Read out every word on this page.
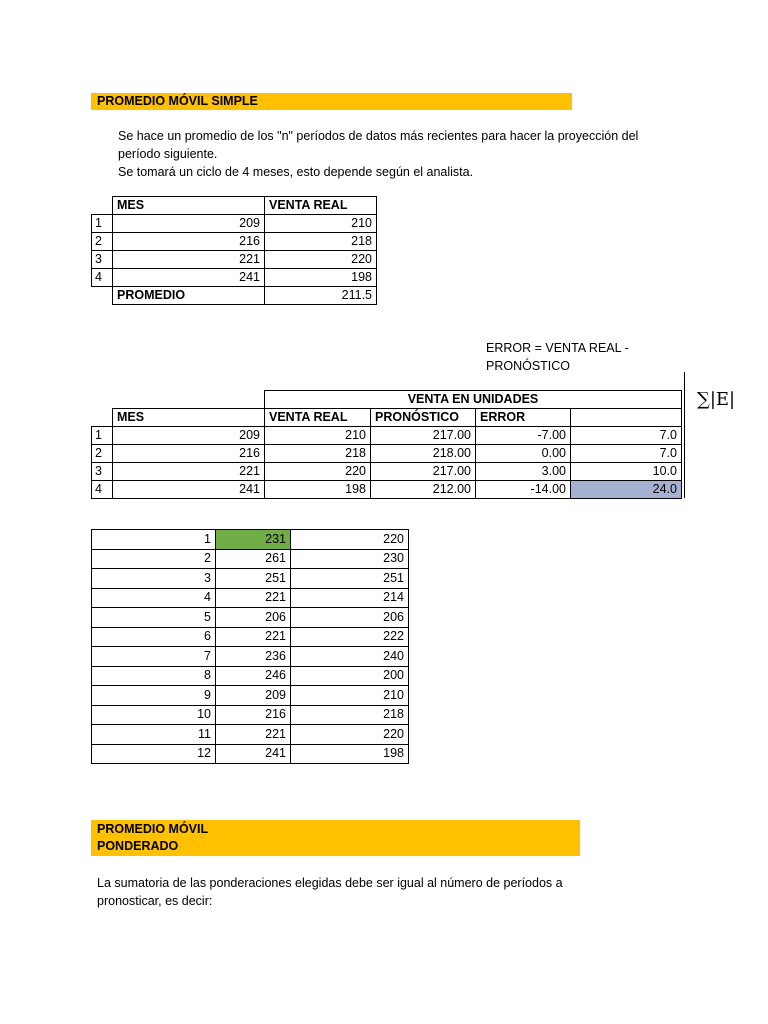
PROMEDIO MÓVIL SIMPLE
Se hace un promedio de los "n" períodos de datos más recientes para hacer la proyección del
período siguiente.
Se tomará un ciclo de 4 meses, esto depende según el analista.
	MES	VENTA REAL
1	209	210
2	216	218
3	221	220
4	241	198
	PROMEDIO	211.5
ERROR = VENTA REAL -
PRONÓSTICO
∑|E|
		VENTA EN UNIDADES			
	MES	VENTA REAL	PRONÓSTICO	ERROR	
1	209	210	217.00	-7.00	7.0
2	216	218	218.00	0.00	7.0
3	221	220	217.00	3.00	10.0
4	241	198	212.00	-14.00	24.0
1	231	220
2	261	230
3	251	251
4	221	214
5	206	206
6	221	222
7	236	240
8	246	200
9	209	210
10	216	218
11	221	220
12	241	198
PROMEDIO MÓVIL
PONDERADO
La sumatoria de las ponderaciones elegidas debe ser igual al número de períodos a
pronosticar, es decir:
